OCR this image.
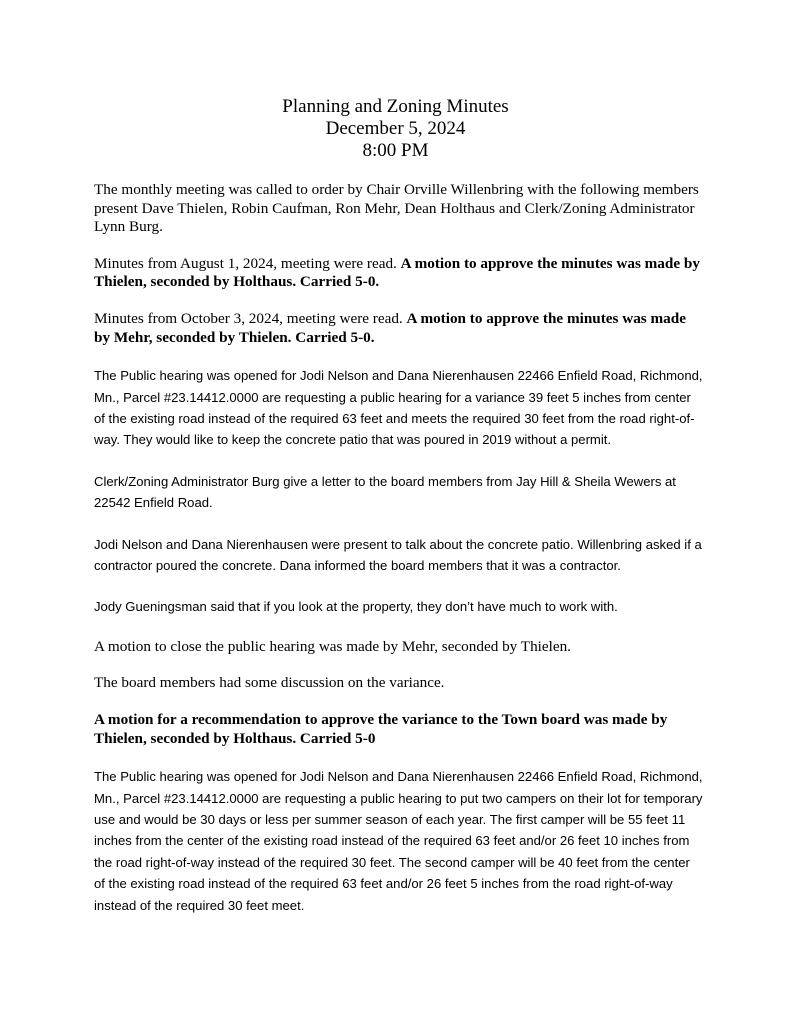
Planning and Zoning Minutes
December 5, 2024
8:00 PM

The monthly meeting was called to order by Chair Orville Willenbring with the following members present Dave Thielen, Robin Caufman, Ron Mehr, Dean Holthaus and Clerk/Zoning Administrator Lynn Burg.

Minutes from August 1, 2024, meeting were read. A motion to approve the minutes was made by Thielen, seconded by Holthaus. Carried 5-0.

Minutes from October 3, 2024, meeting were read. A motion to approve the minutes was made by Mehr, seconded by Thielen. Carried 5-0.

The Public hearing was opened for Jodi Nelson and Dana Nierenhausen 22466 Enfield Road, Richmond, Mn., Parcel #23.14412.0000 are requesting a public hearing for a variance 39 feet 5 inches from center of the existing road instead of the required 63 feet and meets the required 30 feet from the road right-of-way. They would like to keep the concrete patio that was poured in 2019 without a permit.

Clerk/Zoning Administrator Burg give a letter to the board members from Jay Hill & Sheila Wewers at 22542 Enfield Road.

Jodi Nelson and Dana Nierenhausen were present to talk about the concrete patio. Willenbring asked if a contractor poured the concrete. Dana informed the board members that it was a contractor.

Jody Gueningsman said that if you look at the property, they don’t have much to work with.

A motion to close the public hearing was made by Mehr, seconded by Thielen.

The board members had some discussion on the variance.

A motion for a recommendation to approve the variance to the Town board was made by Thielen, seconded by Holthaus. Carried 5-0

The Public hearing was opened for Jodi Nelson and Dana Nierenhausen 22466 Enfield Road, Richmond, Mn., Parcel #23.14412.0000 are requesting a public hearing to put two campers on their lot for temporary use and would be 30 days or less per summer season of each year. The first camper will be 55 feet 11 inches from the center of the existing road instead of the required 63 feet and/or 26 feet 10 inches from the road right-of-way instead of the required 30 feet. The second camper will be 40 feet from the center of the existing road instead of the required 63 feet and/or 26 feet 5 inches from the road right-of-way instead of the required 30 feet meet.
